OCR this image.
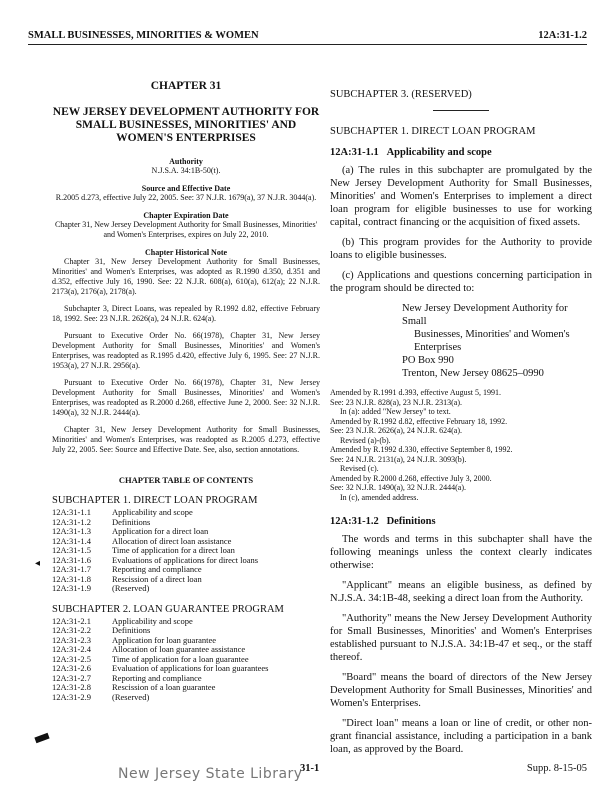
SMALL BUSINESSES, MINORITIES & WOMEN	12A:31-1.2
CHAPTER 31
NEW JERSEY DEVELOPMENT AUTHORITY FOR SMALL BUSINESSES, MINORITIES' AND WOMEN'S ENTERPRISES
Authority
N.J.S.A. 34:1B-50(t).
Source and Effective Date
R.2005 d.273, effective July 22, 2005. See: 37 N.J.R. 1679(a), 37 N.J.R. 3044(a).
Chapter Expiration Date
Chapter 31, New Jersey Development Authority for Small Businesses, Minorities' and Women's Enterprises, expires on July 22, 2010.
Chapter Historical Note
Chapter 31, New Jersey Development Authority for Small Businesses, Minorities' and Women's Enterprises, was adopted as R.1990 d.350, d.351 and d.352, effective July 16, 1990. See: 22 N.J.R. 608(a), 610(a), 612(a); 22 N.J.R. 2173(a), 2176(a), 2178(a).
Subchapter 3, Direct Loans, was repealed by R.1992 d.82, effective February 18, 1992. See: 23 N.J.R. 2626(a), 24 N.J.R. 624(a).
Pursuant to Executive Order No. 66(1978), Chapter 31, New Jersey Development Authority for Small Businesses, Minorities' and Women's Enterprises, was readopted as R.1995 d.420, effective July 6, 1995. See: 27 N.J.R. 1953(a), 27 N.J.R. 2956(a).
Pursuant to Executive Order No. 66(1978), Chapter 31, New Jersey Development Authority for Small Businesses, Minorities' and Women's Enterprises, was readopted as R.2000 d.268, effective June 2, 2000. See: 32 N.J.R. 1490(a), 32 N.J.R. 2444(a).
Chapter 31, New Jersey Development Authority for Small Businesses, Minorities' and Women's Enterprises, was readopted as R.2005 d.273, effective July 22, 2005. See: Source and Effective Date. See, also, section annotations.
CHAPTER TABLE OF CONTENTS
SUBCHAPTER 1. DIRECT LOAN PROGRAM
12A:31-1.1	Applicability and scope
12A:31-1.2	Definitions
12A:31-1.3	Application for a direct loan
12A:31-1.4	Allocation of direct loan assistance
12A:31-1.5	Time of application for a direct loan
12A:31-1.6	Evaluations of applications for direct loans
12A:31-1.7	Reporting and compliance
12A:31-1.8	Rescission of a direct loan
12A:31-1.9	(Reserved)
SUBCHAPTER 2. LOAN GUARANTEE PROGRAM
12A:31-2.1	Applicability and scope
12A:31-2.2	Definitions
12A:31-2.3	Application for loan guarantee
12A:31-2.4	Allocation of loan guarantee assistance
12A:31-2.5	Time of application for a loan guarantee
12A:31-2.6	Evaluation of applications for loan guarantees
12A:31-2.7	Reporting and compliance
12A:31-2.8	Rescission of a loan guarantee
12A:31-2.9	(Reserved)
SUBCHAPTER 3. (RESERVED)
SUBCHAPTER 1. DIRECT LOAN PROGRAM
12A:31-1.1 Applicability and scope
(a) The rules in this subchapter are promulgated by the New Jersey Development Authority for Small Businesses, Minorities' and Women's Enterprises to implement a direct loan program for eligible businesses to use for working capital, contract financing or the acquisition of fixed assets.
(b) This program provides for the Authority to provide loans to eligible businesses.
(c) Applications and questions concerning participation in the program should be directed to:
New Jersey Development Authority for Small
Businesses, Minorities' and Women's
Enterprises
PO Box 990
Trenton, New Jersey 08625–0990
Amended by R.1991 d.393, effective August 5, 1991.
See: 23 N.J.R. 828(a), 23 N.J.R. 2313(a).
In (a): added "New Jersey" to text.
Amended by R.1992 d.82, effective February 18, 1992.
See: 23 N.J.R. 2626(a), 24 N.J.R. 624(a).
Revised (a)-(b).
Amended by R.1992 d.330, effective September 8, 1992.
See: 24 N.J.R. 2131(a), 24 N.J.R. 3093(b).
Revised (c).
Amended by R.2000 d.268, effective July 3, 2000.
See: 32 N.J.R. 1490(a), 32 N.J.R. 2444(a).
In (c), amended address.
12A:31-1.2 Definitions
The words and terms in this subchapter shall have the following meanings unless the context clearly indicates otherwise:
"Applicant" means an eligible business, as defined by N.J.S.A. 34:1B-48, seeking a direct loan from the Authority.
"Authority" means the New Jersey Development Authority for Small Businesses, Minorities' and Women's Enterprises established pursuant to N.J.S.A. 34:1B-47 et seq., or the staff thereof.
"Board" means the board of directors of the New Jersey Development Authority for Small Businesses, Minorities' and Women's Enterprises.
"Direct loan" means a loan or line of credit, or other non-grant financial assistance, including a participation in a bank loan, as approved by the Board.
◂
New Jersey State Library
31-1	Supp. 8-15-05
